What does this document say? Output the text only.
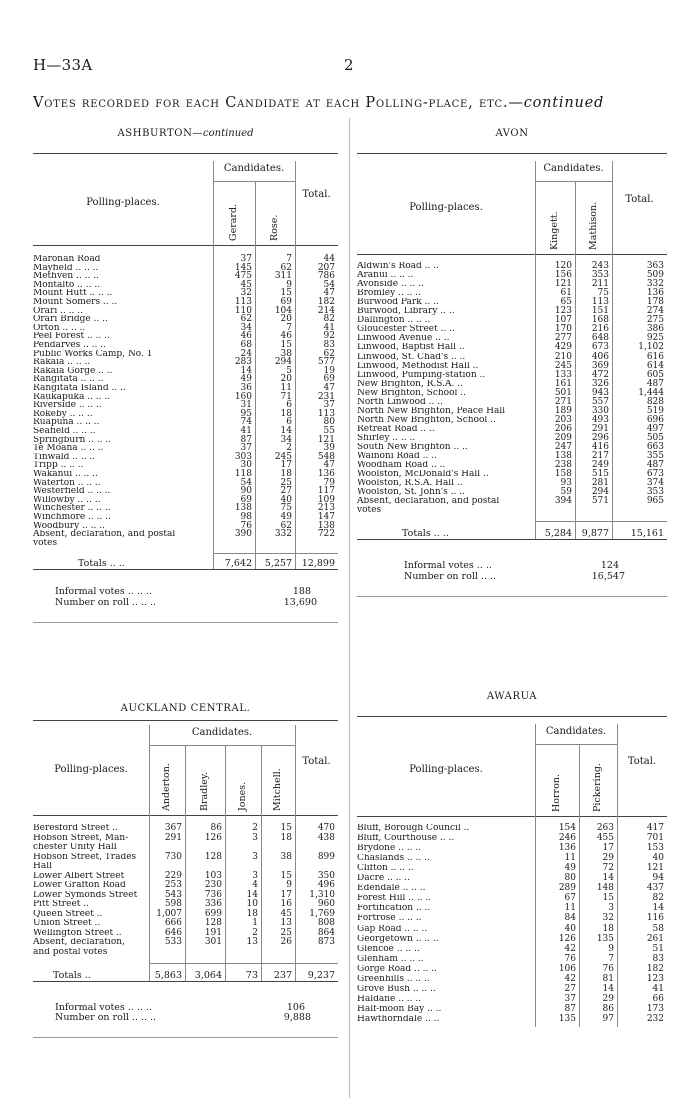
H—33A	2
Votes recorded for each Candidate at each Polling-place, etc.—continued
ASHBURTON—continued
Candidates.
Polling-places.
Total.
Gerard.	Rose.
Maronan Road	37	7	44
Mayfield .. .. ..	145	62	207
Methven .. .. ..	475	311	786
Montalto .. .. ..	45	9	54
Mount Hutt .. .. ..	32	15	47
Mount Somers .. ..	113	69	182
Orari .. .. ..	110	104	214
Orari Bridge .. ..	62	20	82
Orton .. .. ..	34	7	41
Peel Forest .. .. ..	46	46	92
Pendarves .. .. ..	68	15	83
Public Works Camp, No. 1	24	38	62
Rakaia .. .. ..	283	294	577
Rakaia Gorge .. ..	14	5	19
Rangitata .. .. ..	49	20	69
Rangitata Island .. ..	36	11	47
Raukapuka .. .. ..	160	71	231
Riverside .. .. ..	31	6	37
Rokeby .. .. ..	95	18	113
Ruapuna .. .. ..	74	6	80
Seafield .. .. ..	41	14	55
Springburn .. .. ..	87	34	121
Te Moana .. .. ..	37	2	39
Tinwald .. .. ..	303	245	548
Tripp .. .. ..	30	17	47
Wakanui .. .. ..	118	18	136
Waterton .. .. ..	54	25	79
Westerfield .. .. ..	90	27	117
Willowby .. .. ..	69	40	109
Winchester .. .. ..	138	75	213
Winchmore .. .. ..	98	49	147
Woodbury .. .. ..	76	62	138
Absent, declaration, and postal	390	332	722
votes
Totals .. ..	7,642 5,257 12,899
Informal votes .. .. ..	188
Number on roll .. .. ..	13,690
AVON
Candidates.
Polling-places.
Total.
Kingett.	Mathison.
Aldwin's Road .. ..	120 243	363
Aranui .. .. ..	156 353	509
Avonside .. .. ..	121 211	332
Bromley .. .. ..	61	75	136
Burwood Park .. ..	65 113	178
Burwood, Library .. ..	123 151	274
Dallington .. .. ..	107 168	275
Gloucester Street .. ..	170 216	386
Linwood Avenue .. ..	277 648	925
Linwood, Baptist Hall ..	429 673	1,102
Linwood, St. Chad's .. ..	210 406	616
Linwood, Methodist Hall ..	245 369	614
Linwood, Pumping-station ..	133 472	605
New Brighton, R.S.A. ..	161 326	487
New Brighton, School ..	501 943	1,444
North Linwood .. ..	271 557	828
North New Brighton, Peace Hall	189 330	519
North New Brighton, School ..	203 493	696
Retreat Road .. ..	206 291	497
Shirley .. .. ..	209 296	505
South New Brighton .. ..	247 416	663
Wainoni Road .. ..	138 217	355
Woodham Road .. ..	238 249	487
Woolston, McDonald's Hall ..	158 515	673
Woolston, R.S.A. Hall ..	93 281	374
Woolston, St. John's .. ..	59 294	353
Absent, declaration, and postal	394 571	965
votes
Totals .. ..	5,284 9,877 15,161
Informal votes .. ..	124
Number on roll .. ..	16,547
AUCKLAND CENTRAL.
Candidates.
Polling-places.
Total.
Anderton.	Bradley.	Jones.	Mitchell.
Beresford Street ..	367	86	2	15	470
Hobson Street, Man-	291	126	3	18	438
chester Unity Hall
Hobson Street, Trades	730	128	3	38	899
Hall
Lower Albert Street	229	103	3	15	350
Lower Grafton Road	253	230	4	9	496
Lower Symonds Street	543	736	14	17 1,310
Pitt Street ..	598	336	10	16	960
Queen Street ..	1,007	699	18	45 1,769
Union Street ..	666	128	1	13	808
Wellington Street ..	646	191	2	25	864
Absent, declaration,	533	301	13	26	873
and postal votes
Totals ..	5,863 3,064	73 237 9,237
Informal votes .. .. ..	106
Number on roll .. .. ..	9,888
AWARUA
Candidates.
Polling-places.
Total.
Horron.	Pickering.
Bluff, Borough Council ..	154 263	417
Bluff, Courthouse .. ..	246 455	701
Brydone .. .. ..	136	17	153
Chaslands .. .. ..	11	29	40
Clifton .. .. ..	49	72	121
Dacre .. .. ..	80	14	94
Edendale .. .. ..	289 148	437
Forest Hill .. .. ..	67	15	82
Fortification .. ..	11	3	14
Fortrose .. .. ..	84	32	116
Gap Road .. .. ..	40	18	58
Georgetown .. .. ..	126 135	261
Glencoe .. .. ..	42	9	51
Glenham .. .. ..	76	7	83
Gorge Road .. .. ..	106	76	182
Greenhills .. .. ..	42	81	123
Grove Bush .. .. ..	27	14	41
Haldane .. .. ..	37	29	66
Half-moon Bay .. ..	87	86	173
Hawthorndale .. ..	135	97	232
